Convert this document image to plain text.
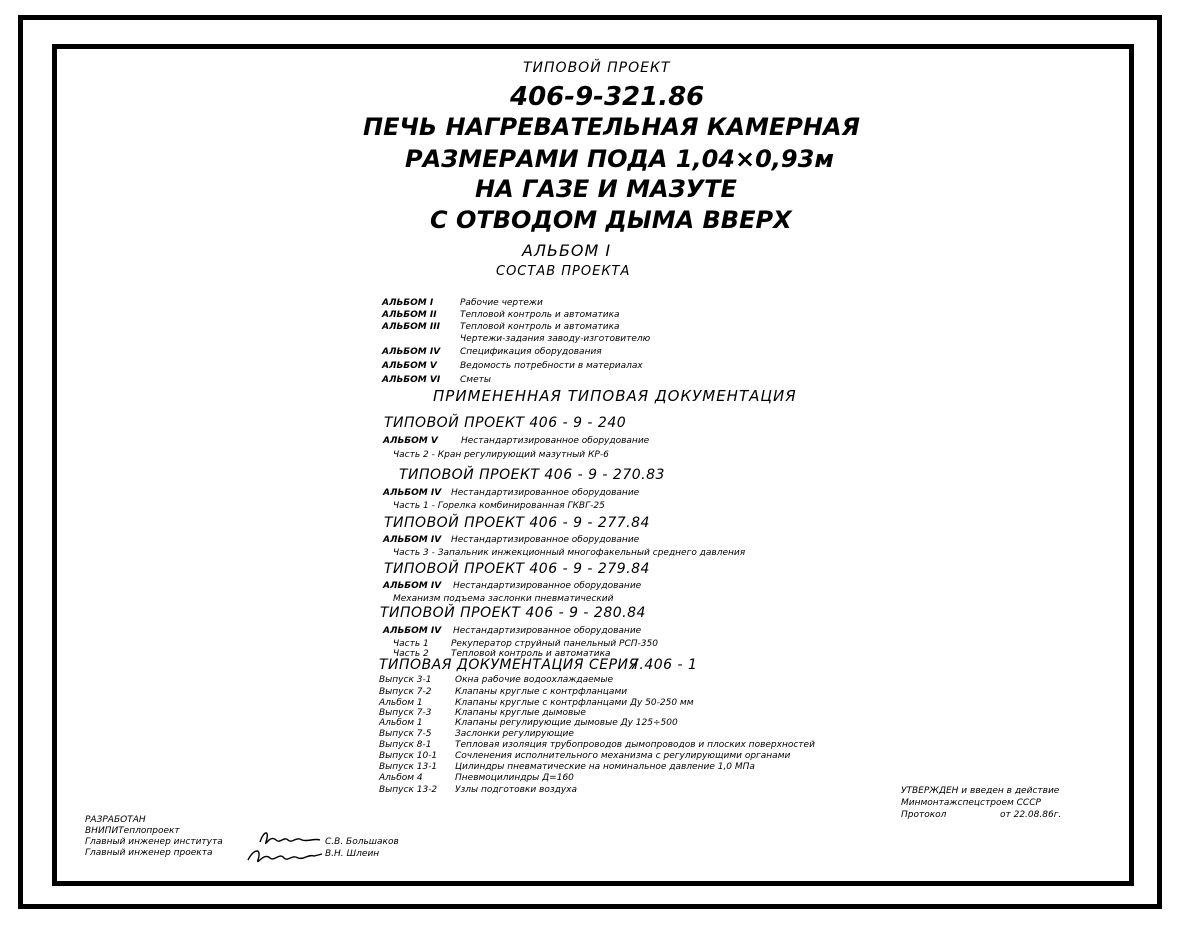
ТИПОВОЙ ПРОЕКТ
406-9-321.86
ПЕЧЬ НАГРЕВАТЕЛЬНАЯ КАМЕРНАЯ
РАЗМЕРАМИ ПОДА 1,04×0,93м
НА ГАЗЕ И МАЗУТЕ
С ОТВОДОМ ДЫМА ВВЕРХ
АЛЬБОМ I
СОСТАВ ПРОЕКТА
АЛЬБОМ I	Рабочие чертежи
АЛЬБОМ II	Тепловой контроль и автоматика
АЛЬБОМ III Тепловой контроль и автоматика
Чертежи-задания заводу-изготовителю
АЛЬБОМ IV Спецификация оборудования
АЛЬБОМ V	Ведомость потребности в материалах
АЛЬБОМ VI Сметы
ПРИМЕНЕННАЯ ТИПОВАЯ ДОКУМЕНТАЦИЯ
ТИПОВОЙ ПРОЕКТ 406 - 9 - 240
АЛЬБОМ V	Нестандартизированное оборудование
Часть 2 - Кран регулирующий мазутный КР-6
ТИПОВОЙ ПРОЕКТ 406 - 9 - 270.83
АЛЬБОМ IV Нестандартизированное оборудование
Часть 1 - Горелка комбинированная ГКВГ-25
ТИПОВОЙ ПРОЕКТ 406 - 9 - 277.84
АЛЬБОМ IV Нестандартизированное оборудование
Часть 3 - Запальник инжекционный многофакельный среднего давления
ТИПОВОЙ ПРОЕКТ 406 - 9 - 279.84
АЛЬБОМ IV Нестандартизированное оборудование
Механизм подъема заслонки пневматический
ТИПОВОЙ ПРОЕКТ 406 - 9 - 280.84
АЛЬБОМ IV Нестандартизированное оборудование
Часть 1 Рекуператор струйный панельный РСП-350
Часть 2 Тепловой контроль и автоматика
ТИПОВАЯ ДОКУМЕНТАЦИЯ СЕРИЯ
7.406 - 1
Выпуск 3-1	Окна рабочие водоохлаждаемые
Выпуск 7-2	Клапаны круглые с контрфланцами
Альбом 1	Клапаны круглые с контрфланцами Ду 50-250 мм
Выпуск 7-3	Клапаны круглые дымовые
Альбом 1	Клапаны регулирующие дымовые Ду 125÷500
Выпуск 7-5	Заслонки регулирующие
Выпуск 8-1	Тепловая изоляция трубопроводов дымопроводов и плоских поверхностей
Выпуск 10-1 Сочленения исполнительного механизма с регулирующими органами
Выпуск 13-1 Цилиндры пневматические на номинальное давление 1,0 МПа
Альбом 4	Пневмоцилиндры Д=160
Выпуск 13-2 Узлы подготовки воздуха
РАЗРАБОТАН
ВНИПИТеплопроект
Главный инженер института
Главный инженер проекта
С.В. Большаков
В.Н. Шлеин
УТВЕРЖДЕН и введен в действие
Минмонтажспецстроем СССР
Протокол	от 22.08.86г.
